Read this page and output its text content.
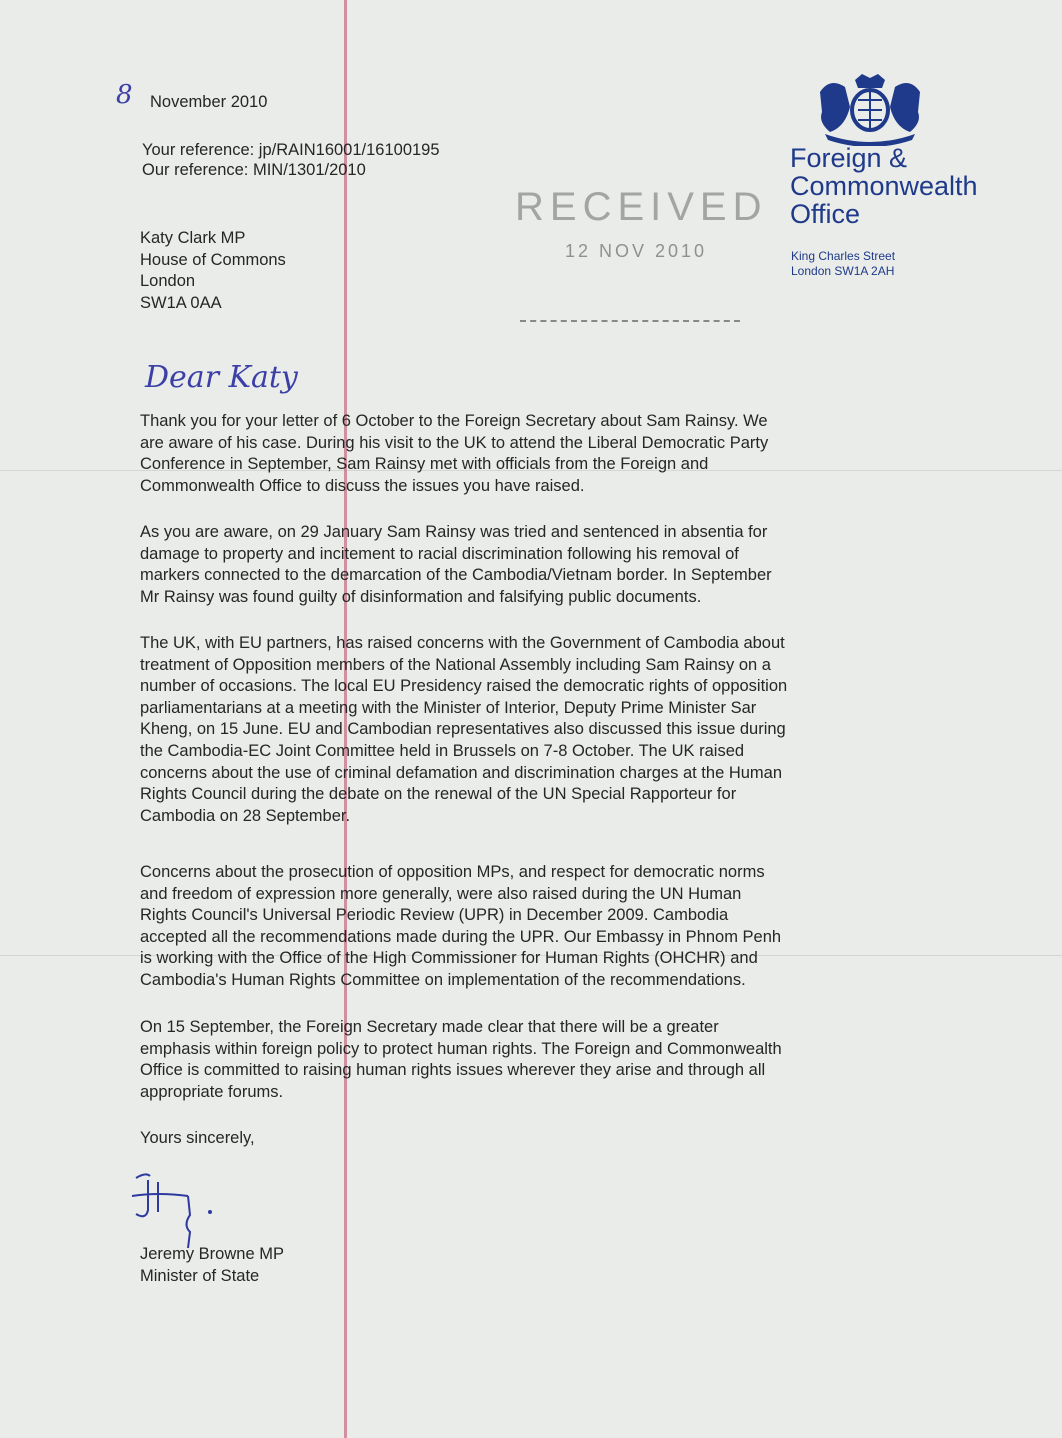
8 November 2010
Your reference: jp/RAIN16001/16100195
Our reference: MIN/1301/2010
Katy Clark MP
House of Commons
London
SW1A 0AA
RECEIVED
12 NOV 2010
Foreign &
Commonwealth
Office
King Charles Street
London SW1A 2AH
Dear Katy
Thank you for your letter of 6 October to the Foreign Secretary about Sam Rainsy. We
are aware of his case. During his visit to the UK to attend the Liberal Democratic Party
Conference in September, Sam Rainsy met with officials from the Foreign and
Commonwealth Office to discuss the issues you have raised.
As you are aware, on 29 January Sam Rainsy was tried and sentenced in absentia for
damage to property and incitement to racial discrimination following his removal of
markers connected to the demarcation of the Cambodia/Vietnam border. In September
Mr Rainsy was found guilty of disinformation and falsifying public documents.
The UK, with EU partners, has raised concerns with the Government of Cambodia about
treatment of Opposition members of the National Assembly including Sam Rainsy on a
number of occasions. The local EU Presidency raised the democratic rights of opposition
parliamentarians at a meeting with the Minister of Interior, Deputy Prime Minister Sar
Kheng, on 15 June. EU and Cambodian representatives also discussed this issue during
the Cambodia-EC Joint Committee held in Brussels on 7-8 October. The UK raised
concerns about the use of criminal defamation and discrimination charges at the Human
Rights Council during the debate on the renewal of the UN Special Rapporteur for
Cambodia on 28 September.
Concerns about the prosecution of opposition MPs, and respect for democratic norms
and freedom of expression more generally, were also raised during the UN Human
Rights Council's Universal Periodic Review (UPR) in December 2009. Cambodia
accepted all the recommendations made during the UPR. Our Embassy in Phnom Penh
is working with the Office of the High Commissioner for Human Rights (OHCHR) and
Cambodia's Human Rights Committee on implementation of the recommendations.
On 15 September, the Foreign Secretary made clear that there will be a greater
emphasis within foreign policy to protect human rights. The Foreign and Commonwealth
Office is committed to raising human rights issues wherever they arise and through all
appropriate forums.
Yours sincerely,
Jeremy Browne MP
Minister of State
